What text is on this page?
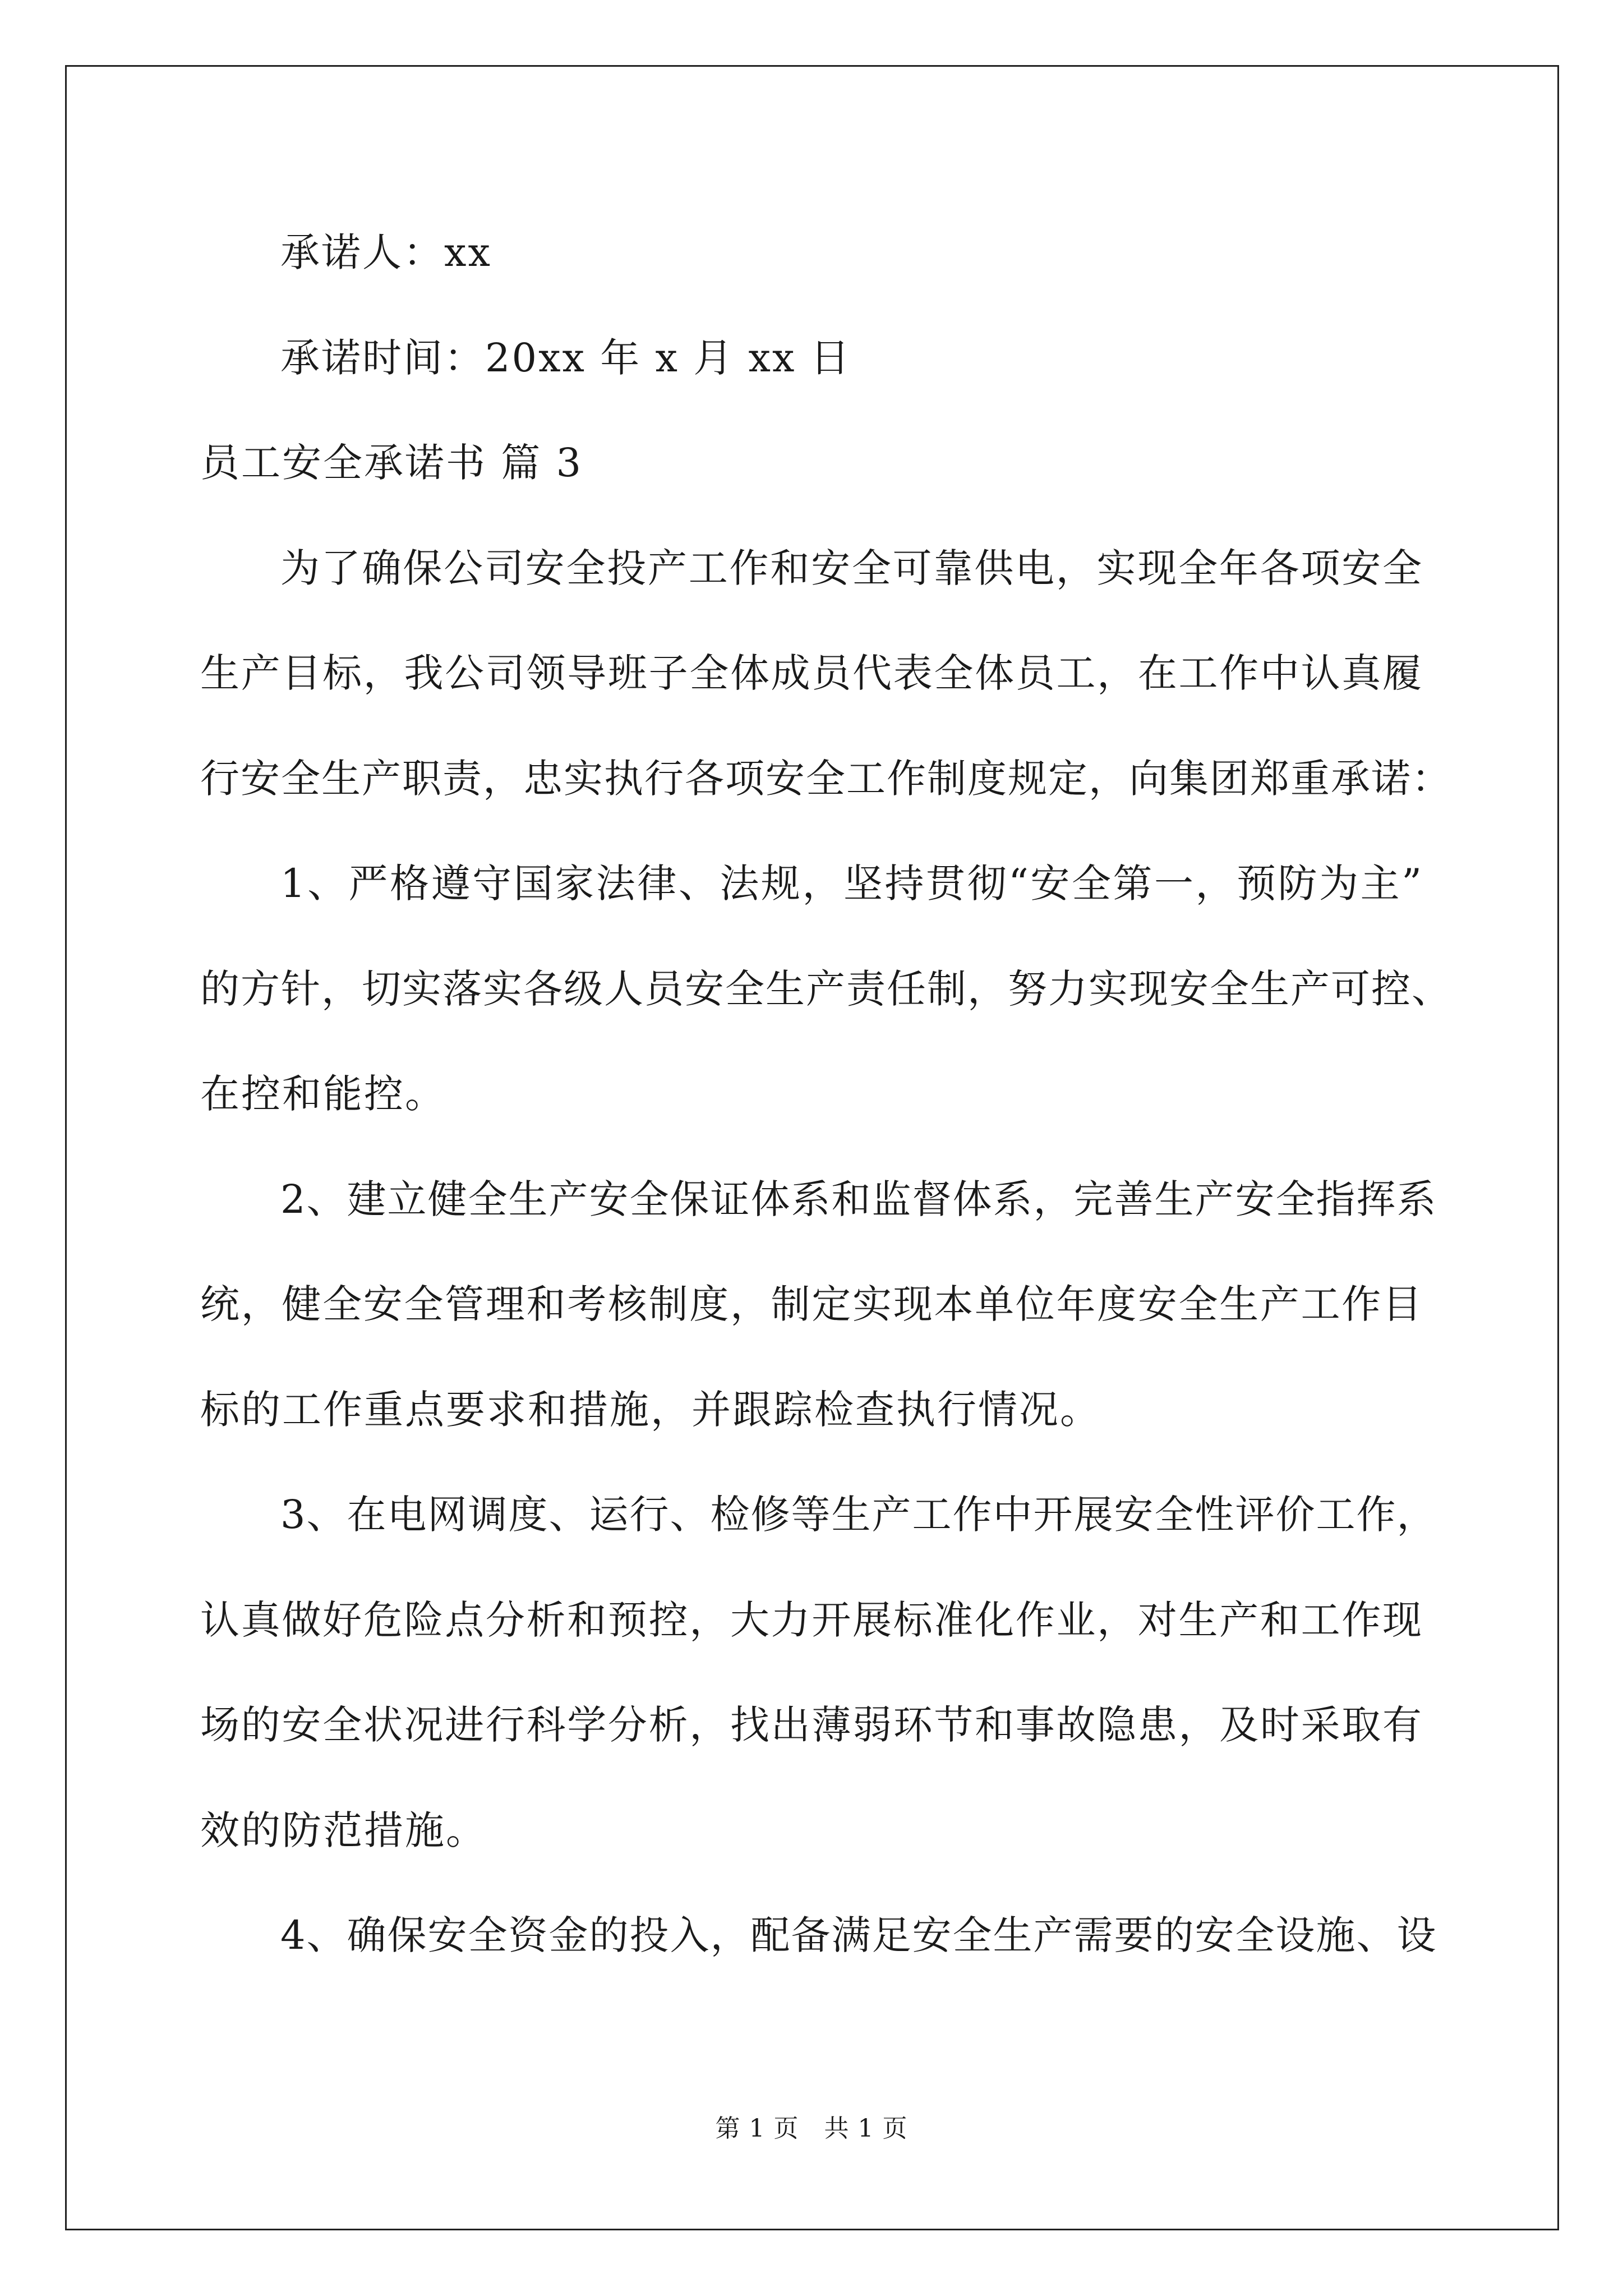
承诺人：xx
承诺时间：20xx 年 x 月 xx 日
员工安全承诺书 篇 3
为了确保公司安全投产工作和安全可靠供电，实现全年各项安全
生产目标，我公司领导班子全体成员代表全体员工，在工作中认真履
行安全生产职责，忠实执行各项安全工作制度规定，向集团郑重承诺：
1、严格遵守国家法律、法规，坚持贯彻“安全第一，预防为主”
的方针，切实落实各级人员安全生产责任制，努力实现安全生产可控、
在控和能控。
2、建立健全生产安全保证体系和监督体系，完善生产安全指挥系
统，健全安全管理和考核制度，制定实现本单位年度安全生产工作目
标的工作重点要求和措施，并跟踪检查执行情况。
3、在电网调度、运行、检修等生产工作中开展安全性评价工作，
认真做好危险点分析和预控，大力开展标准化作业，对生产和工作现
场的安全状况进行科学分析，找出薄弱环节和事故隐患，及时采取有
效的防范措施。
4、确保安全资金的投入，配备满足安全生产需要的安全设施、设
第 1 页　共 1 页
